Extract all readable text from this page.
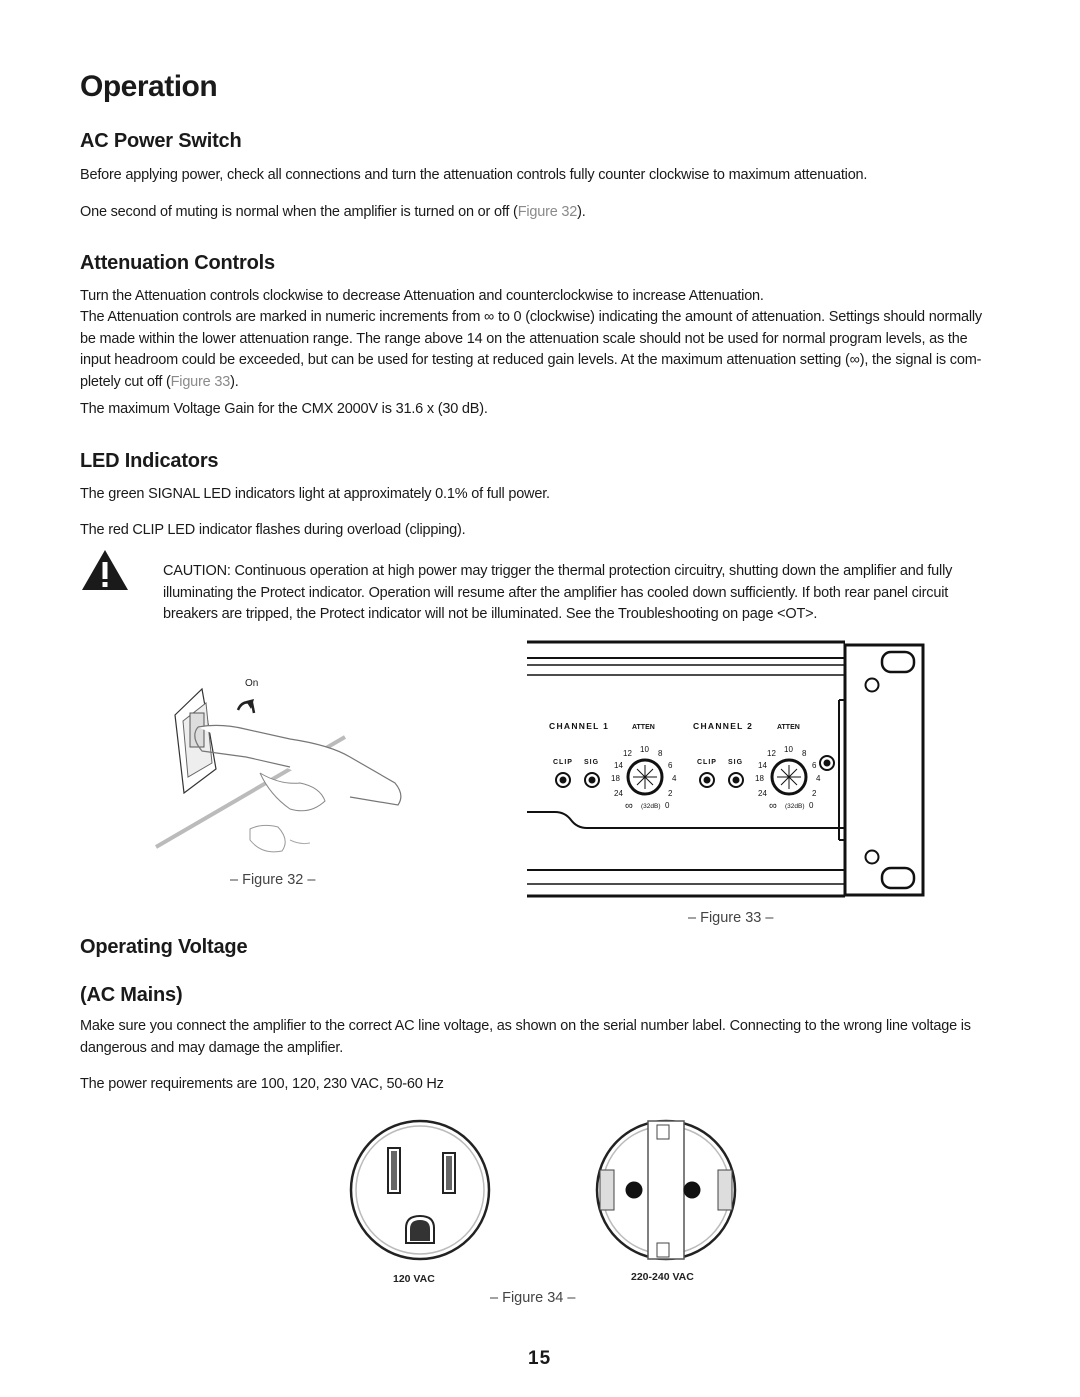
Operation
AC Power Switch
Before applying power, check all connections and turn the attenuation controls fully counter clockwise to maximum attenuation.
One second of muting is normal when the amplifier is turned on or off (Figure 32).
Attenuation Controls
Turn the Attenuation controls clockwise to decrease Attenuation and counterclockwise to increase Attenuation.
The Attenuation controls are marked in numeric increments from ∞ to 0 (clockwise) indicating the amount of attenuation. Settings should normally be made within the lower attenuation range. The range above 14 on the attenuation scale should not be used for normal program levels, as the input headroom could be exceeded, but can be used for testing at reduced gain levels. At the maximum attenuation setting (∞), the signal is com-pletely cut off (Figure 33).
The maximum Voltage Gain for the CMX 2000V is 31.6 x (30 dB).
LED Indicators
The green SIGNAL LED indicators light at approximately 0.1% of full power.
The red CLIP LED indicator flashes during overload (clipping).
CAUTION: Continuous operation at high power may trigger the thermal protection circuitry, shutting down the amplifier and fully illuminating the Protect indicator. Operation will resume after the amplifier has cooled down sufficiently. If both rear panel circuit breakers are tripped, the Protect indicator will not be illuminated. See the Troubleshooting on page <OT>.
On
– Figure 32 –
CHANNEL 1	ATTEN
CLIP SIG
12 10 8
14	6
18	4
24	2
∞ (32dB) 0
CHANNEL 2	ATTEN
CLIP SIG
12 10 8
14	6
18	4
24	2
∞ (32dB) 0
– Figure 33 –
Operating Voltage
(AC Mains)
Make sure you connect the amplifier to the correct AC line voltage, as shown on the serial number label. Connecting to the wrong line voltage is dangerous and may damage the amplifier.
The power requirements are 100, 120, 230 VAC, 50-60 Hz
120 VAC	220-240 VAC
– Figure 34 –
15
